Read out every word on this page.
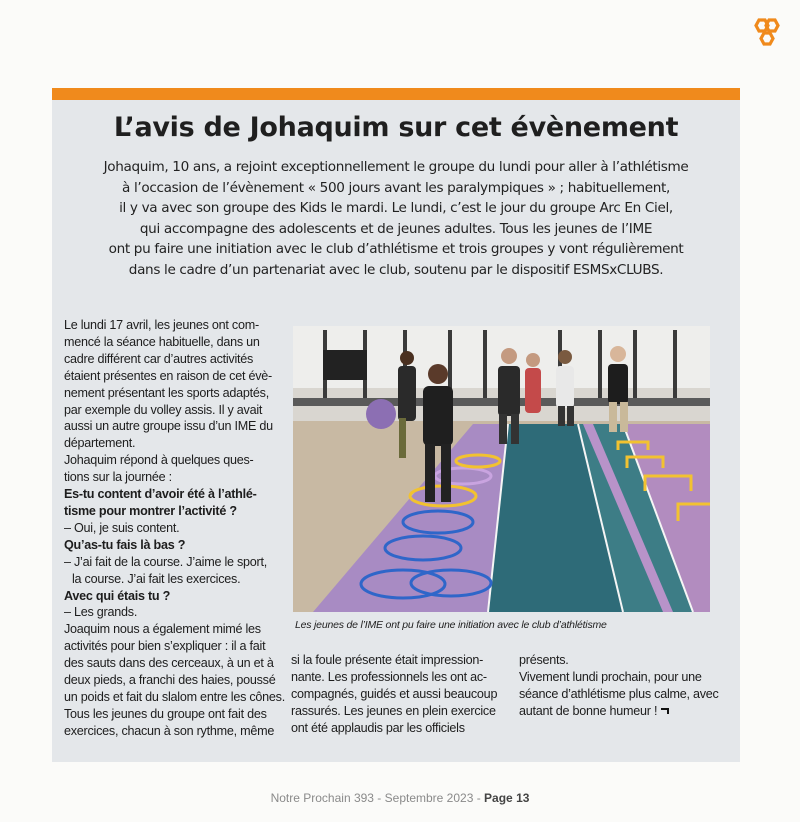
L’avis de Johaquim sur cet évènement
Johaquim, 10 ans, a rejoint exceptionnellement le groupe du lundi pour aller à l’athlétisme
à l’occasion de l’évènement « 500 jours avant les paralympiques » ; habituellement,
il y va avec son groupe des Kids le mardi. Le lundi, c’est le jour du groupe Arc En Ciel,
qui accompagne des adolescents et de jeunes adultes. Tous les jeunes de l’IME
ont pu faire une initiation avec le club d’athlétisme et trois groupes y vont régulièrement
dans le cadre d’un partenariat avec le club, soutenu par le dispositif ESMSxCLUBS.
Le lundi 17 avril, les jeunes ont com-
mencé la séance habituelle, dans un
cadre différent car d’autres activités
étaient présentes en raison de cet évè-
nement présentant les sports adaptés,
par exemple du volley assis. Il y avait
aussi un autre groupe issu d’un IME du
département.
Johaquim répond à quelques ques-
tions sur la journée :
Es-tu content d’avoir été à l’athlé-
tisme pour montrer l’activité ?
– Oui, je suis content.
Qu’as-tu fais là bas ?
– J’ai fait de la course. J’aime le sport,
la course. J’ai fait les exercices.
Avec qui étais tu ?
– Les grands.
Joaquim nous a également mimé les
activités pour bien s’expliquer : il a fait
des sauts dans des cerceaux, à un et à
deux pieds, a franchi des haies, poussé
un poids et fait du slalom entre les cônes.
Tous les jeunes du groupe ont fait des
exercices, chacun à son rythme, même
Les jeunes de l’IME ont pu faire une initiation avec le club d’athlétisme
si la foule présente était impression-
nante. Les professionnels les ont ac-
compagnés, guidés et aussi beaucoup
rassurés. Les jeunes en plein exercice
ont été applaudis par les officiels
présents.
Vivement lundi prochain, pour une
séance d’athlétisme plus calme, avec
autant de bonne humeur !
Notre Prochain 393 - Septembre 2023 - Page 13
